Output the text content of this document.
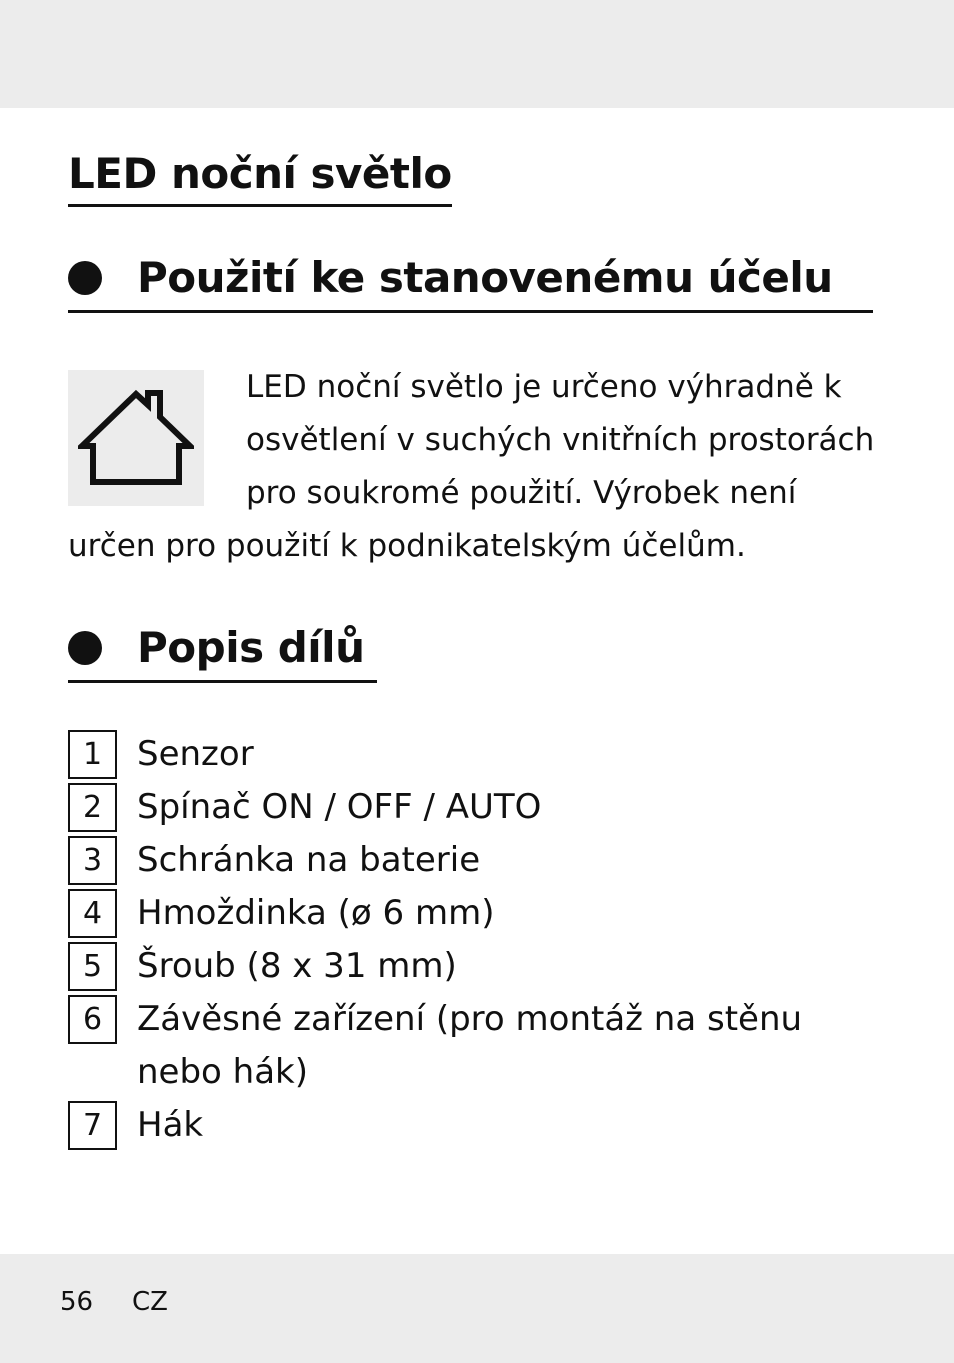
LED noční světlo
Použití ke stanovenému účelu
LED noční světlo je určeno výhradně k
osvětlení v suchých vnitřních prostorách
pro soukromé použití. Výrobek není
určen pro použití k podnikatelským účelům.
Popis dílů
1	Senzor
2	Spínač ON / OFF / AUTO
3	Schránka na baterie
4	Hmoždinka (ø 6 mm)
5	Šroub (8 x 31 mm)
6	Závěsné zařízení (pro montáž na stěnu
nebo hák)
7	Hák
56 CZ
